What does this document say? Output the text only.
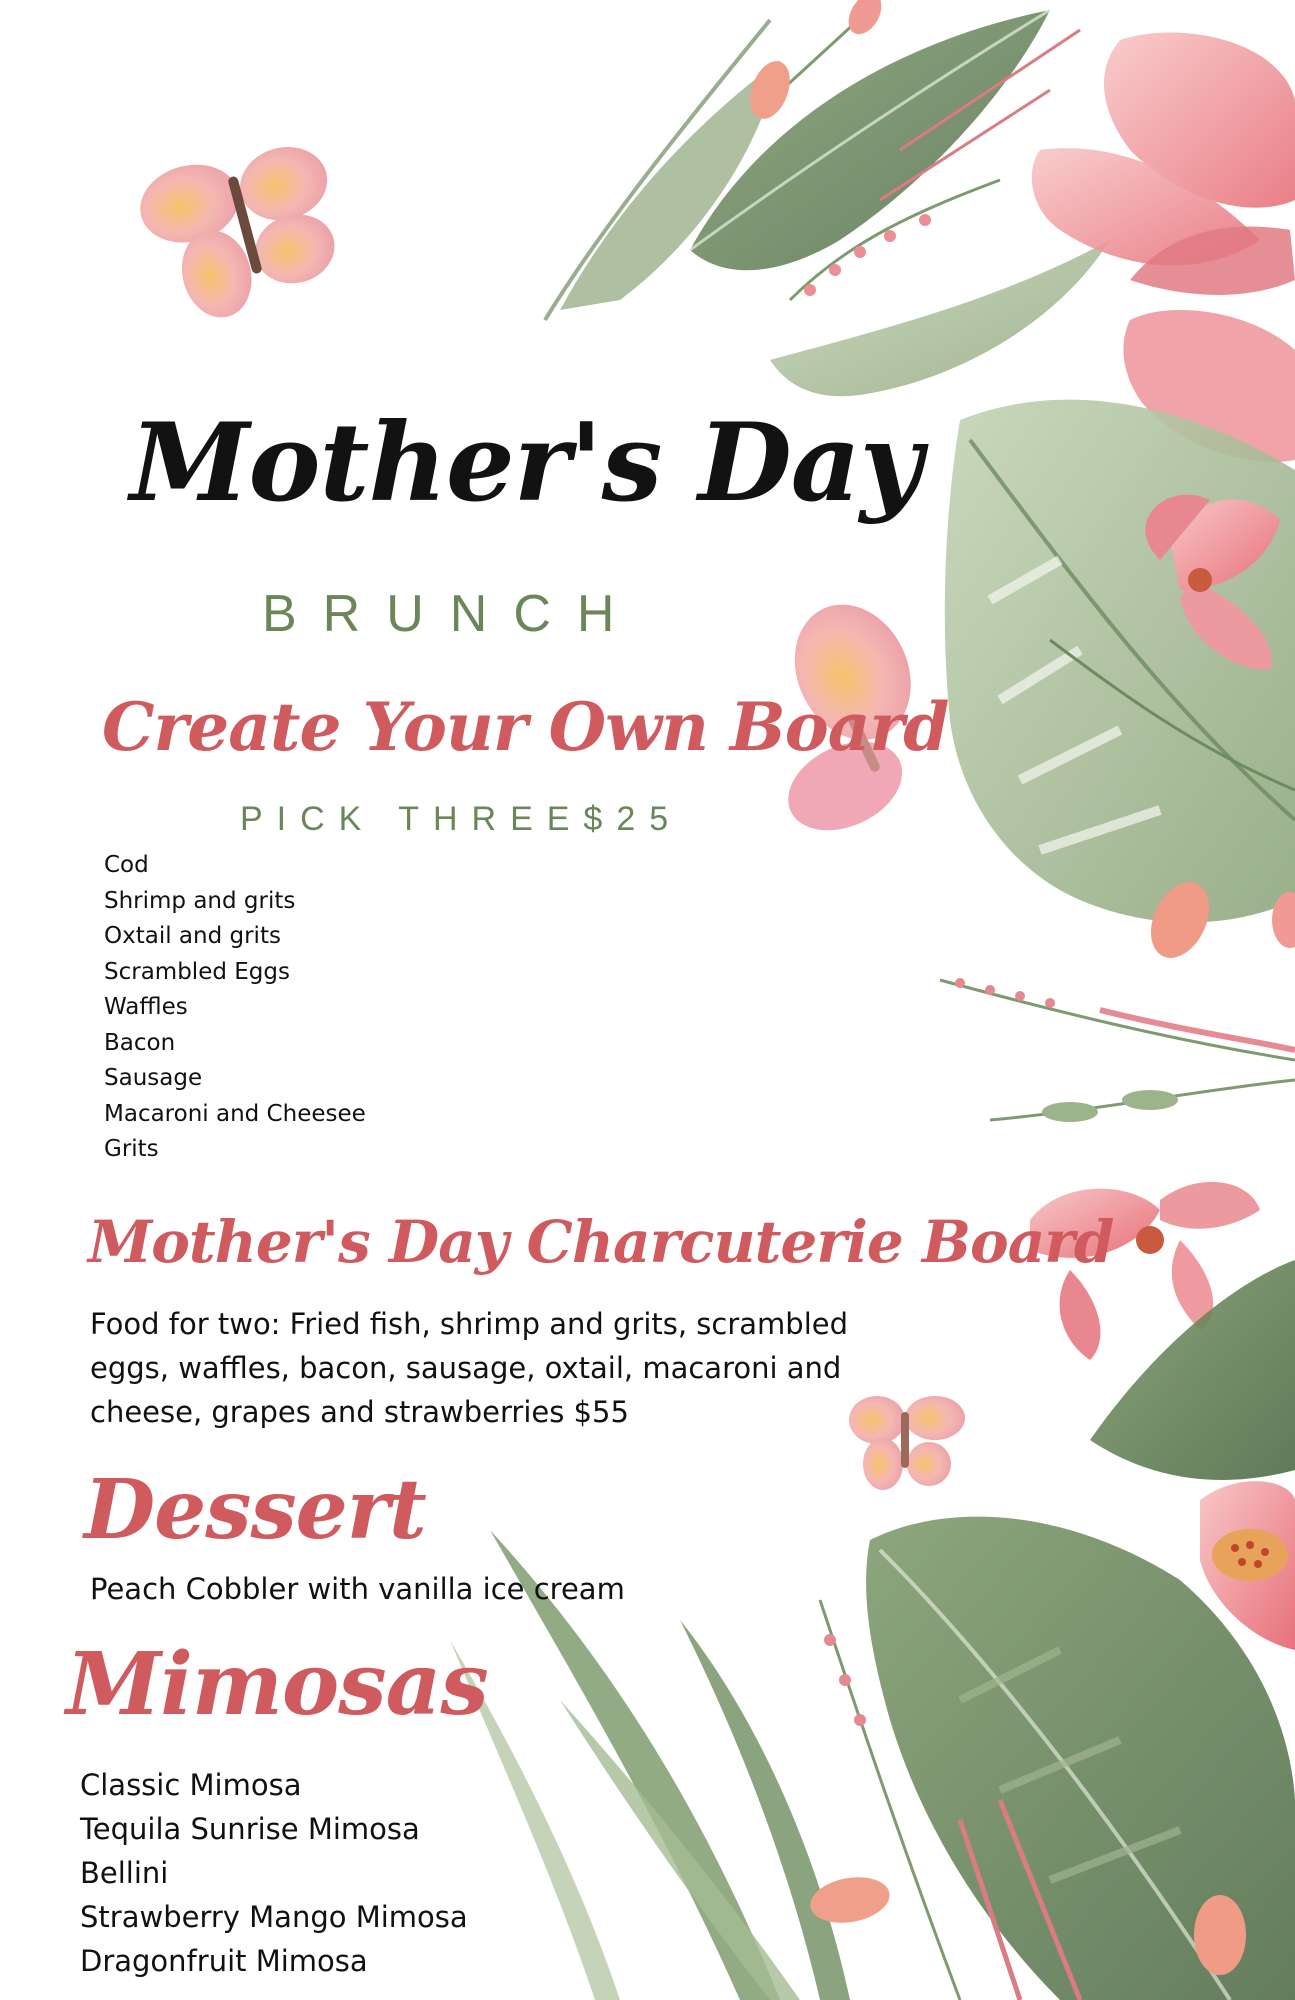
Mother's Day
BRUNCH
Create Your Own Board
PICK THREE$25
Cod
Shrimp and grits
Oxtail and grits
Scrambled Eggs
Waffles
Bacon
Sausage
Macaroni and Cheesee
Grits
Mother's Day Charcuterie Board

Food for two: Fried fish, shrimp and grits, scrambled eggs, waffles, bacon, sausage, oxtail, macaroni and cheese, grapes and strawberries $55

Dessert

Peach Cobbler with vanilla ice cream

Mimosas
Classic Mimosa
Tequila Sunrise Mimosa
Bellini
Strawberry Mango Mimosa
Dragonfruit Mimosa
